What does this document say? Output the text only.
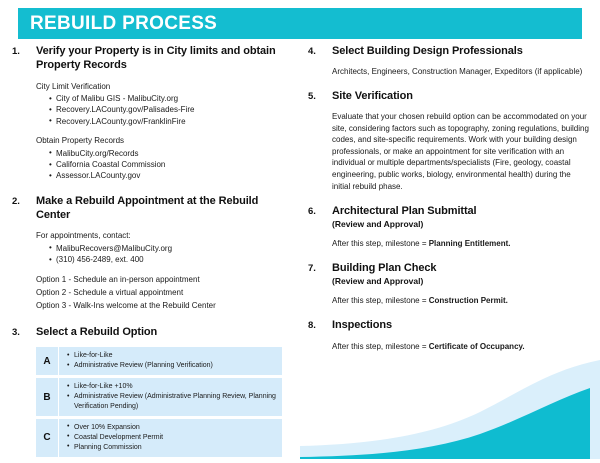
REBUILD PROCESS
1.	Verify your Property is in City limits and obtain Property Records
City Limit Verification
• City of Malibu GIS - MalibuCity.org
• Recovery.LACounty.gov/Palisades-Fire
• Recovery.LACounty.gov/FranklinFire
Obtain Property Records
• MalibuCity.org/Records
• California Coastal Commission
• Assessor.LACounty.gov
2.	Make a Rebuild Appointment at the Rebuild Center
For appointments, contact:
• MalibuRecovers@MalibuCity.org
• (310) 456-2489, ext. 400
Option 1 - Schedule an in-person appointment
Option 2 - Schedule a virtual appointment
Option 3 - Walk-Ins welcome at the Rebuild Center
3.	Select a Rebuild Option
A	• Like-for-Like
• Administrative Review (Planning Verification)
B
• Like-for-Like +10%
• Administrative Review (Administrative Planning Review, Planning Verification Pending)
C
• Over 10% Expansion
• Coastal Development Permit
• Planning Commission
4.	Select Building Design Professionals
Architects, Engineers, Construction Manager, Expeditors (if applicable)
5.	Site Verification
Evaluate that your chosen rebuild option can be accommodated on your site, considering factors such as topography, zoning regulations, building codes, and site-specific requirements. Work with your building design professionals, or make an appointment for site verification with an individual or multiple departments/specialists (Fire, geology, coastal engineering, public works, biology, environmental health) during the initial rebuild phase.
6.	Architectural Plan Submittal
(Review and Approval)
After this step, milestone = Planning Entitlement.
7.	Building Plan Check
(Review and Approval)
After this step, milestone = Construction Permit.
8.	Inspections
After this step, milestone = Certificate of Occupancy.
